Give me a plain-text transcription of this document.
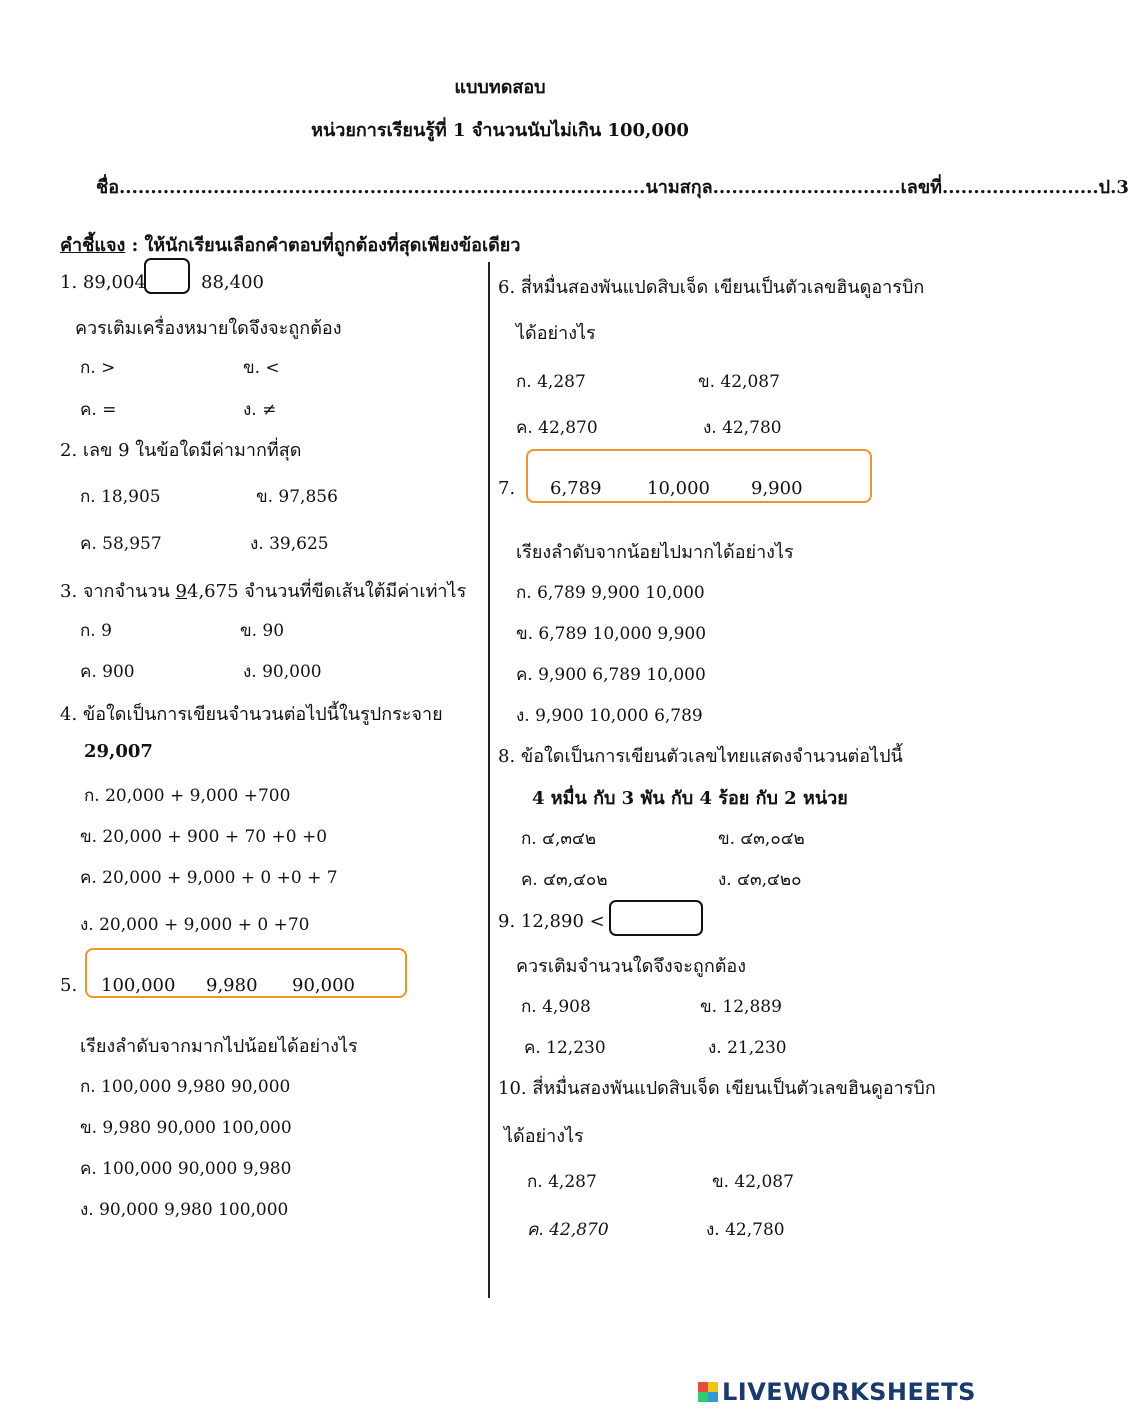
แบบทดสอบ
หน่วยการเรียนรู้ที่ 1 จำนวนนับไม่เกิน 100,000
ชื่อ....................................................................................นามสกุล..............................เลขที่.........................ป.3
คำชี้แจง : ให้นักเรียนเลือกคำตอบที่ถูกต้องที่สุดเพียงข้อเดียว
1. 89,004	88,400
ควรเติมเครื่องหมายใดจึงจะถูกต้อง
ก. >	ข. <
ค. =	ง. ≠
2. เลข 9 ในข้อใดมีค่ามากที่สุด
ก. 18,905	ข. 97,856
ค. 58,957	ง. 39,625
3. จากจำนวน 94,675 จำนวนที่ขีดเส้นใต้มีค่าเท่าไร
ก. 9	ข. 90
ค. 900	ง. 90,000
4. ข้อใดเป็นการเขียนจำนวนต่อไปนี้ในรูปกระจาย
29,007
ก. 20,000 + 9,000 +700
ข. 20,000 + 900 + 70 +0 +0
ค. 20,000 + 9,000 + 0 +0 + 7
ง. 20,000 + 9,000 + 0 +70
5. 100,000 9,980 90,000
เรียงลำดับจากมากไปน้อยได้อย่างไร
ก. 100,000 9,980 90,000
ข. 9,980 90,000 100,000
ค. 100,000 90,000 9,980
ง. 90,000 9,980 100,000
6. สี่หมื่นสองพันแปดสิบเจ็ด เขียนเป็นตัวเลขฮินดูอารบิก
ได้อย่างไร
ก. 4,287	ข. 42,087
ค. 42,870	ง. 42,780
7. 6,789	10,000 9,900
เรียงลำดับจากน้อยไปมากได้อย่างไร
ก. 6,789 9,900 10,000
ข. 6,789 10,000 9,900
ค. 9,900 6,789 10,000
ง. 9,900 10,000 6,789
8. ข้อใดเป็นการเขียนตัวเลขไทยแสดงจำนวนต่อไปนี้
4 หมื่น กับ 3 พัน กับ 4 ร้อย กับ 2 หน่วย
ก. ๔,๓๔๒	ข. ๔๓,๐๔๒
ค. ๔๓,๔๐๒	ง. ๔๓,๔๒๐
9. 12,890 <
ควรเติมจำนวนใดจึงจะถูกต้อง
ก. 4,908	ข. 12,889
ค. 12,230	ง. 21,230
10. สี่หมื่นสองพันแปดสิบเจ็ด เขียนเป็นตัวเลขฮินดูอารบิก
ได้อย่างไร
ก. 4,287	ข. 42,087
ค. 42,870	ง. 42,780
LIVEWORKSHEETS
